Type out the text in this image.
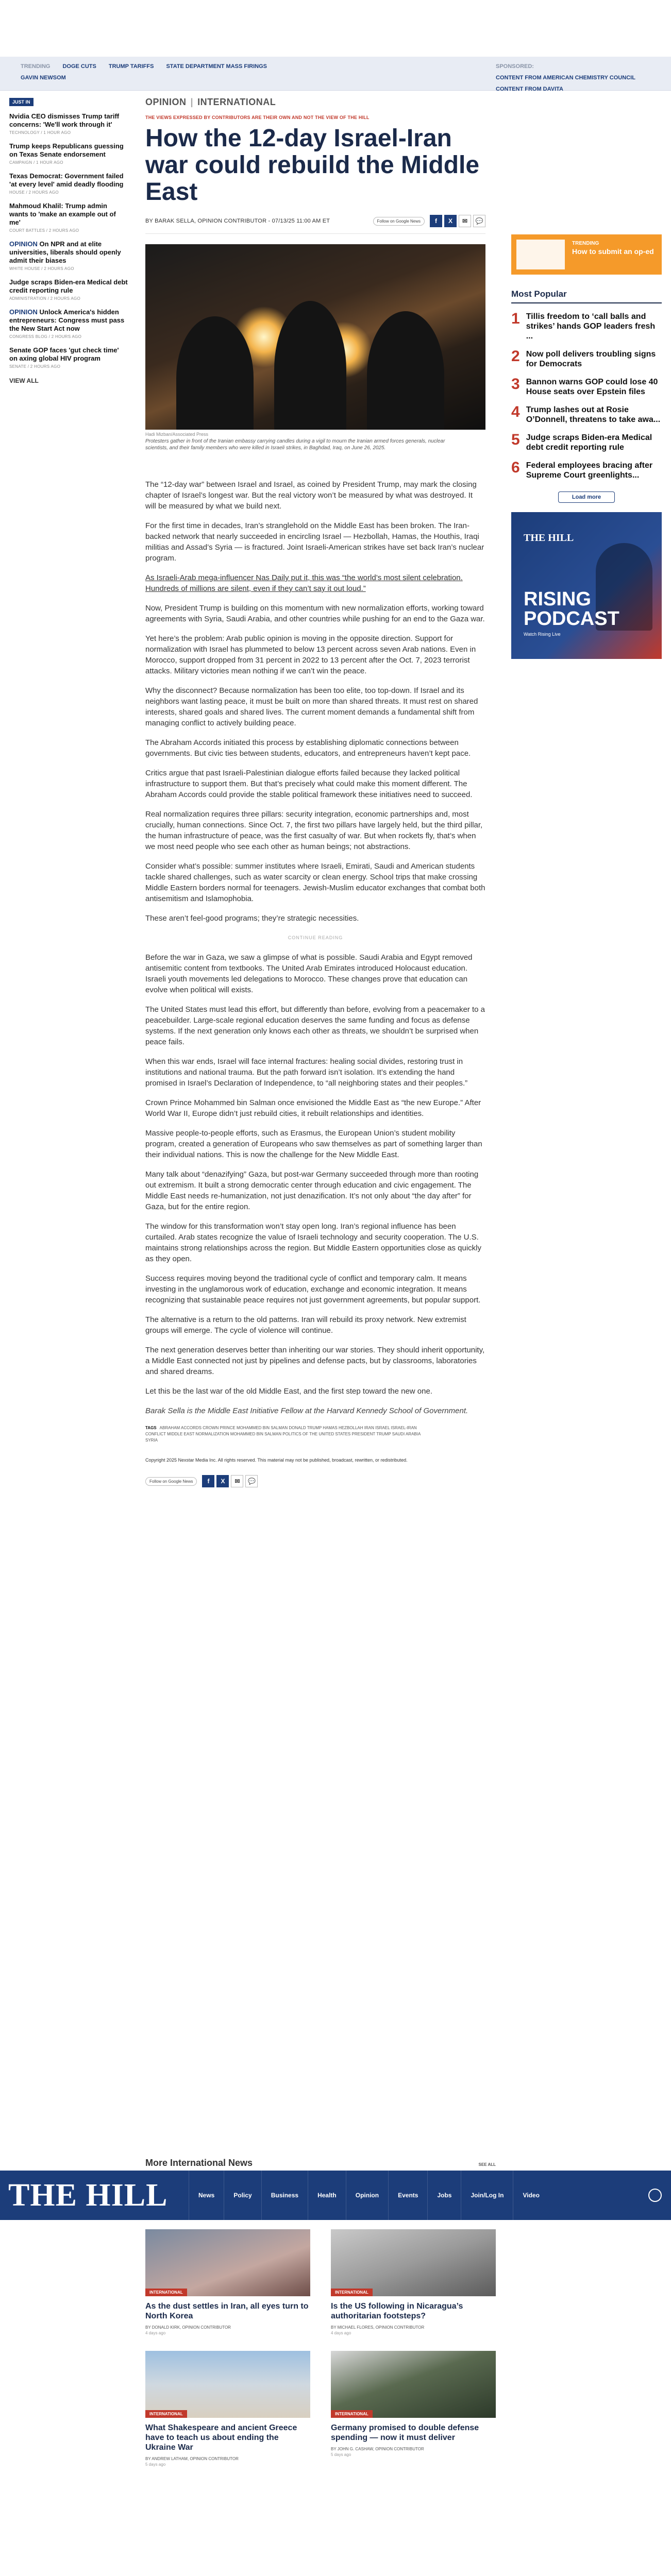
TRENDING DOGE CUTS TRUMP TARIFFS STATE DEPARTMENT MASS FIRINGS
GAVIN NEWSOM
SPONSORED:
CONTENT FROM AMERICAN CHEMISTRY COUNCIL
CONTENT FROM DAVITA
JUST IN
Nvidia CEO dismisses Trump tariff concerns: 'We'll work through it'
TECHNOLOGY / 1 HOUR AGO
Trump keeps Republicans guessing on Texas Senate endorsement
CAMPAIGN / 1 HOUR AGO
Texas Democrat: Government failed 'at every level' amid deadly flooding
HOUSE / 2 HOURS AGO
Mahmoud Khalil: Trump admin wants to 'make an example out of me'
COURT BATTLES / 2 HOURS AGO
OPINION On NPR and at elite universities, liberals should openly admit their biases
WHITE HOUSE / 2 HOURS AGO
Judge scraps Biden-era Medical debt credit reporting rule
ADMINISTRATION / 2 HOURS AGO
OPINION Unlock America's hidden entrepreneurs: Congress must pass the New Start Act now
CONGRESS BLOG / 2 HOURS AGO
Senate GOP faces 'gut check time' on axing global HIV program
SENATE / 2 HOURS AGO
VIEW ALL
OPINION | INTERNATIONAL
THE VIEWS EXPRESSED BY CONTRIBUTORS ARE THEIR OWN AND NOT THE VIEW OF THE HILL
How the 12-day Israel-Iran war could rebuild the Middle East
BY BARAK SELLA, OPINION CONTRIBUTOR - 07/13/25 11:00 AM ET	Follow on Google News	f	X	✉	💬
Hadi Mizban/Associated Press
Protesters gather in front of the Iranian embassy carrying candles during a vigil to mourn the Iranian armed forces generals, nuclear scientists, and their family members who were killed in Israeli strikes, in Baghdad, Iraq, on June 26, 2025.

The “12-day war” between Israel and Israel, as coined by President Trump, may mark the closing chapter of Israel’s longest war. But the real victory won’t be measured by what was destroyed. It will be measured by what we build next.

For the first time in decades, Iran’s stranglehold on the Middle East has been broken. The Iran-backed network that nearly succeeded in encircling Israel — Hezbollah, Hamas, the Houthis, Iraqi militias and Assad’s Syria — is fractured. Joint Israeli-American strikes have set back Iran’s nuclear program.

As Israeli-Arab mega-influencer Nas Daily put it, this was “the world’s most silent celebration. Hundreds of millions are silent, even if they can’t say it out loud.”

Now, President Trump is building on this momentum with new normalization efforts, working toward agreements with Syria, Saudi Arabia, and other countries while pushing for an end to the Gaza war.

Yet here’s the problem: Arab public opinion is moving in the opposite direction. Support for normalization with Israel has plummeted to below 13 percent across seven Arab nations. Even in Morocco, support dropped from 31 percent in 2022 to 13 percent after the Oct. 7, 2023 terrorist attacks. Military victories mean nothing if we can’t win the peace.

Why the disconnect? Because normalization has been too elite, too top-down. If Israel and its neighbors want lasting peace, it must be built on more than shared threats. It must rest on shared interests, shared goals and shared lives. The current moment demands a fundamental shift from managing conflict to actively building peace.

The Abraham Accords initiated this process by establishing diplomatic connections between governments. But civic ties between students, educators, and entrepreneurs haven’t kept pace.

Critics argue that past Israeli-Palestinian dialogue efforts failed because they lacked political infrastructure to support them. But that’s precisely what could make this moment different. The Abraham Accords could provide the stable political framework these initiatives need to succeed.

Real normalization requires three pillars: security integration, economic partnerships and, most crucially, human connections. Since Oct. 7, the first two pillars have largely held, but the third pillar, the human infrastructure of peace, was the first casualty of war. But when rockets fly, that’s when we most need people who see each other as human beings; not abstractions.

Consider what’s possible: summer institutes where Israeli, Emirati, Saudi and American students tackle shared challenges, such as water scarcity or clean energy. School trips that make crossing Middle Eastern borders normal for teenagers. Jewish-Muslim educator exchanges that combat both antisemitism and Islamophobia.

These aren’t feel-good programs; they’re strategic necessities.

CONTINUE READING

Before the war in Gaza, we saw a glimpse of what is possible. Saudi Arabia and Egypt removed antisemitic content from textbooks. The United Arab Emirates introduced Holocaust education. Israeli youth movements led delegations to Morocco. These changes prove that education can evolve when political will exists.

The United States must lead this effort, but differently than before, evolving from a peacemaker to a peacebuilder. Large-scale regional education deserves the same funding and focus as defense systems. If the next generation only knows each other as threats, we shouldn’t be surprised when peace fails.

When this war ends, Israel will face internal fractures: healing social divides, restoring trust in institutions and national trauma. But the path forward isn’t isolation. It’s extending the hand promised in Israel’s Declaration of Independence, to “all neighboring states and their peoples.”

Crown Prince Mohammed bin Salman once envisioned the Middle East as “the new Europe.” After World War II, Europe didn’t just rebuild cities, it rebuilt relationships and identities.

Massive people-to-people efforts, such as Erasmus, the European Union’s student mobility program, created a generation of Europeans who saw themselves as part of something larger than their individual nations. This is now the challenge for the New Middle East.

Many talk about “denazifying” Gaza, but post-war Germany succeeded through more than rooting out extremism. It built a strong democratic center through education and civic engagement. The Middle East needs re-humanization, not just denazification. It’s not only about “the day after” for Gaza, but for the entire region.

The window for this transformation won’t stay open long. Iran’s regional influence has been curtailed. Arab states recognize the value of Israeli technology and security cooperation. The U.S. maintains strong relationships across the region. But Middle Eastern opportunities close as quickly as they open.

Success requires moving beyond the traditional cycle of conflict and temporary calm. It means investing in the unglamorous work of education, exchange and economic integration. It means recognizing that sustainable peace requires not just government agreements, but popular support.

The alternative is a return to the old patterns. Iran will rebuild its proxy network. New extremist groups will emerge. The cycle of violence will continue.

The next generation deserves better than inheriting our war stories. They should inherit opportunity, a Middle East connected not just by pipelines and defense pacts, but by classrooms, laboratories and shared dreams.

Let this be the last war of the old Middle East, and the first step toward the new one.

Barak Sella is the Middle East Initiative Fellow at the Harvard Kennedy School of Government.

TAGS ABRAHAM ACCORDS CROWN PRINCE MOHAMMED BIN SALMAN DONALD TRUMP HAMAS HEZBOLLAH IRAN ISRAEL ISRAEL-IRAN CONFLICT MIDDLE EAST NORMALIZATION MOHAMMED BIN SALMAN POLITICS OF THE UNITED STATES PRESIDENT TRUMP SAUDI ARABIA SYRIA
Copyright 2025 Nexstar Media Inc. All rights reserved. This material may not be published, broadcast, rewritten, or redistributed.
Follow on Google News	f	X	✉	💬
TRENDING
How to submit an op-ed
Most Popular
1 Tillis freedom to ‘call balls and strikes’ hands GOP leaders fresh ...
2 Now poll delivers troubling signs for Democrats
3 Bannon warns GOP could lose 40 House seats over Epstein files
4 Trump lashes out at Rosie O’Donnell, threatens to take awa...
5 Judge scraps Biden-era Medical debt credit reporting rule
6 Federal employees bracing after Supreme Court greenlights...
Load more
THE HILL
RISING PODCAST
Watch Rising Live
More International News	SEE ALL
THE HILL	News	Policy	Business	Health	Opinion	Events	Jobs	Join/Log In	Video
INTERNATIONAL
As the dust settles in Iran, all eyes turn to North Korea
BY DONALD KIRK, OPINION CONTRIBUTOR
4 days ago
INTERNATIONAL
Is the US following in Nicaragua’s authoritarian footsteps?
BY MICHAEL FLORES, OPINION CONTRIBUTOR
4 days ago
INTERNATIONAL
What Shakespeare and ancient Greece have to teach us about ending the Ukraine War
BY ANDREW LATHAM, OPINION CONTRIBUTOR
5 days ago
INTERNATIONAL
Germany promised to double defense spending — now it must deliver
BY JOHN G. CASHAW, OPINION CONTRIBUTOR
5 days ago
